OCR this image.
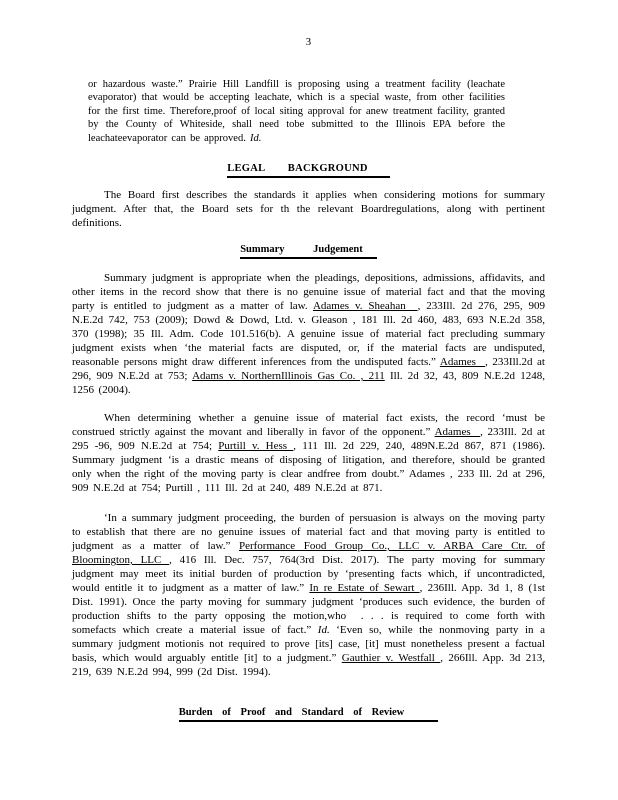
3

or hazardous waste.” Prairie Hill Landfill is proposing using a treatment facility (leachate evaporator) that would be accepting leachate, which is a special waste, from other facilities for the first time. Therefore,proof of local siting approval for anew treatment facility, granted by the County of Whiteside, shall need tobe submitted to the Illinois EPA before the leachateevaporator can be approved. Id.

LEGAL BACKGROUND

The Board first describes the standards it applies when considering motions for summary judgment. After that, the Board sets for th the relevant Boardregulations, along with pertinent definitions.

Summary Judgement

Summary judgment is appropriate when the pleadings, depositions, admissions, affidavits, and other items in the record show that there is no genuine issue of material fact and that the moving party is entitled to judgment as a matter of law. Adames v. Sheahan  , 233Ill. 2d 276, 295, 909 N.E.2d 742, 753 (2009); Dowd & Dowd, Ltd. v. Gleason , 181 Ill. 2d 460, 483, 693 N.E.2d 358, 370 (1998); 35 Ill. Adm. Code 101.516(b). A genuine issue of material fact precluding summary judgment exists when ‘the material facts are disputed, or, if the material facts are undisputed, reasonable persons might draw different inferences from the undisputed facts.” Adames  , 233Ill.2d at 296, 909 N.E.2d at 753; Adams v. NorthernIllinois Gas Co. , 211 Ill. 2d 32, 43, 809 N.E.2d 1248, 1256 (2004).

When determining whether a genuine issue of material fact exists, the record ‘must be construed strictly against the movant and liberally in favor of the opponent.” Adames  , 233Ill. 2d at 295 -96, 909 N.E.2d at 754; Purtill v. Hess , 111 Ill. 2d 229, 240, 489N.E.2d 867, 871 (1986). Summary judgment ‘is a drastic means of disposing of litigation, and therefore, should be granted only when the right of the moving party is clear andfree from doubt.” Adames , 233 Ill. 2d at 296, 909 N.E.2d at 754; Purtill , 111 Ill. 2d at 240, 489 N.E.2d at 871.

‘In a summary judgment proceeding, the burden of persuasion is always on the moving party to establish that there are no genuine issues of material fact and that moving party is entitled to judgment as a matter of law.” Performance Food Group Co., LLC v. ARBA Care Ctr. of Bloomington, LLC , 416 Ill. Dec. 757, 764(3rd Dist. 2017). The party moving for summary judgment may meet its initial burden of production by ‘presenting facts which, if uncontradicted, would entitle it to judgment as a matter of law.” In re Estate of Sewart , 236Ill. App. 3d 1, 8 (1st Dist. 1991). Once the party moving for summary judgment ‘produces such evidence, the burden of production shifts to the party opposing the motion,who  . . . is required to come forth with somefacts which create a material issue of fact.” Id. ‘Even so, while the nonmoving party in a summary judgment motionis not required to prove [its] case, [it] must nonetheless present a factual basis, which would arguably entitle [it] to a judgment.” Gauthier v. Westfall , 266Ill. App. 3d 213, 219, 639 N.E.2d 994, 999 (2d Dist. 1994).

Burden of Proof and Standard of Review
